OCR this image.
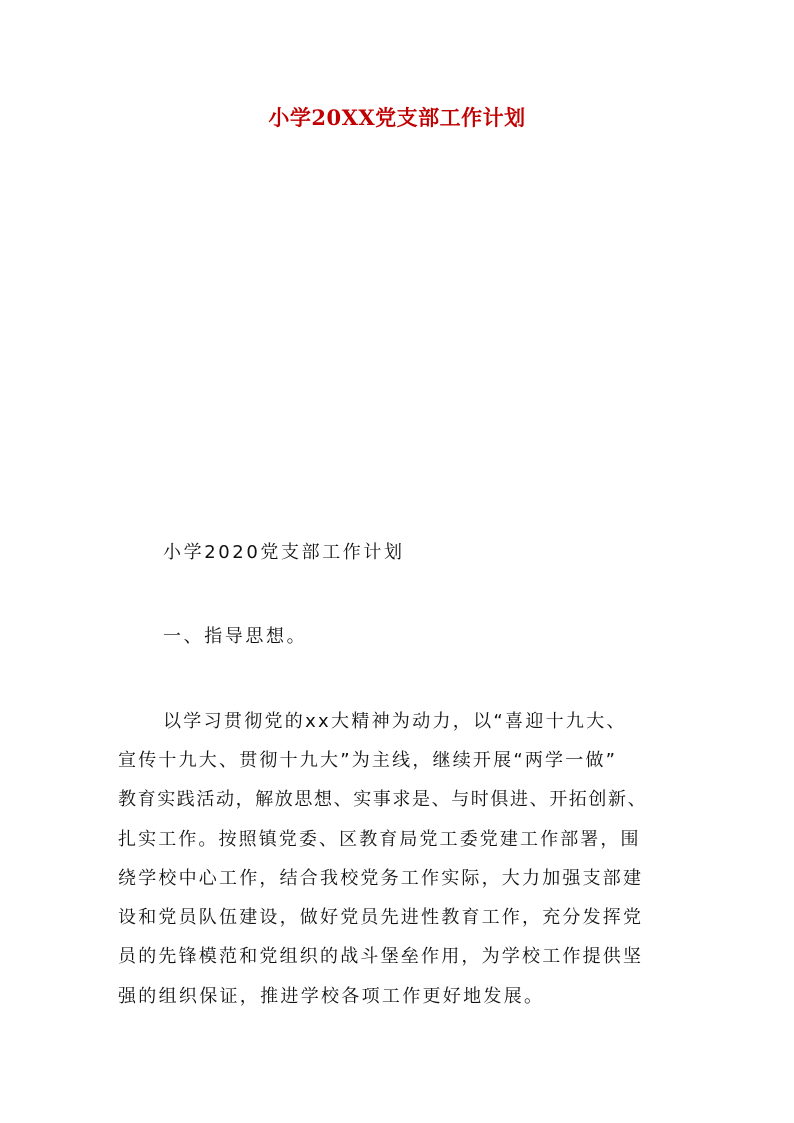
小学20XX党支部工作计划
小学2020党支部工作计划
一、指导思想。
以学习贯彻党的xx大精神为动力，以“喜迎十九大、
宣传十九大、贯彻十九大”为主线，继续开展“两学一做”
教育实践活动，解放思想、实事求是、与时俱进、开拓创新、
扎实工作。按照镇党委、区教育局党工委党建工作部署，围
绕学校中心工作，结合我校党务工作实际，大力加强支部建
设和党员队伍建设，做好党员先进性教育工作，充分发挥党
员的先锋模范和党组织的战斗堡垒作用，为学校工作提供坚
强的组织保证，推进学校各项工作更好地发展。
